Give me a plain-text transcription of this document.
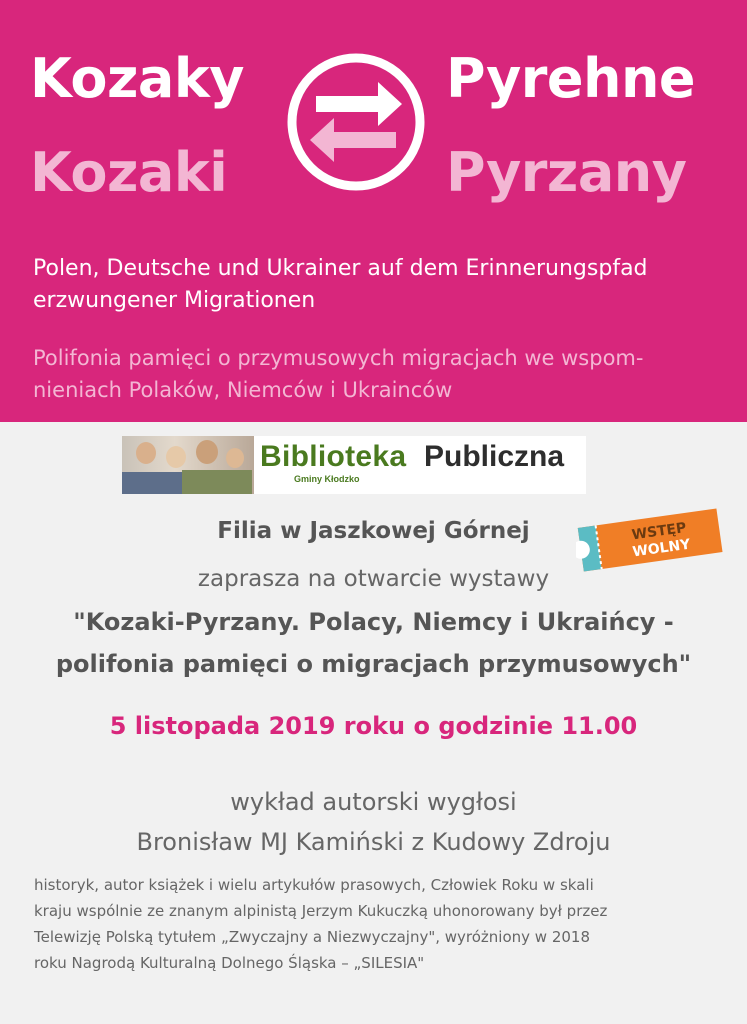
Kozaky	Pyrehne
Kozaki	Pyrzany
Polen, Deutsche und Ukrainer auf dem Erinnerungspfad
erzwungener Migrationen
Polifonia pamięci o przymusowych migracjach we wspom-
nieniach Polaków, Niemców i Ukrainców
Biblioteka Publiczna
Gminy Kłodzko
WSTĘP
WOLNY
Filia w Jaszkowej Górnej
zaprasza na otwarcie wystawy
"Kozaki-Pyrzany. Polacy, Niemcy i Ukraińcy -
polifonia pamięci o migracjach przymusowych"
5 listopada 2019 roku o godzinie 11.00
wykład autorski wygłosi
Bronisław MJ Kamiński z Kudowy Zdroju
historyk, autor książek i wielu artykułów prasowych, Człowiek Roku w skali
kraju wspólnie ze znanym alpinistą Jerzym Kukuczką uhonorowany był przez
Telewizję Polską tytułem „Zwyczajny a Niezwyczajny", wyróżniony w 2018
roku Nagrodą Kulturalną Dolnego Śląska – „SILESIA"
